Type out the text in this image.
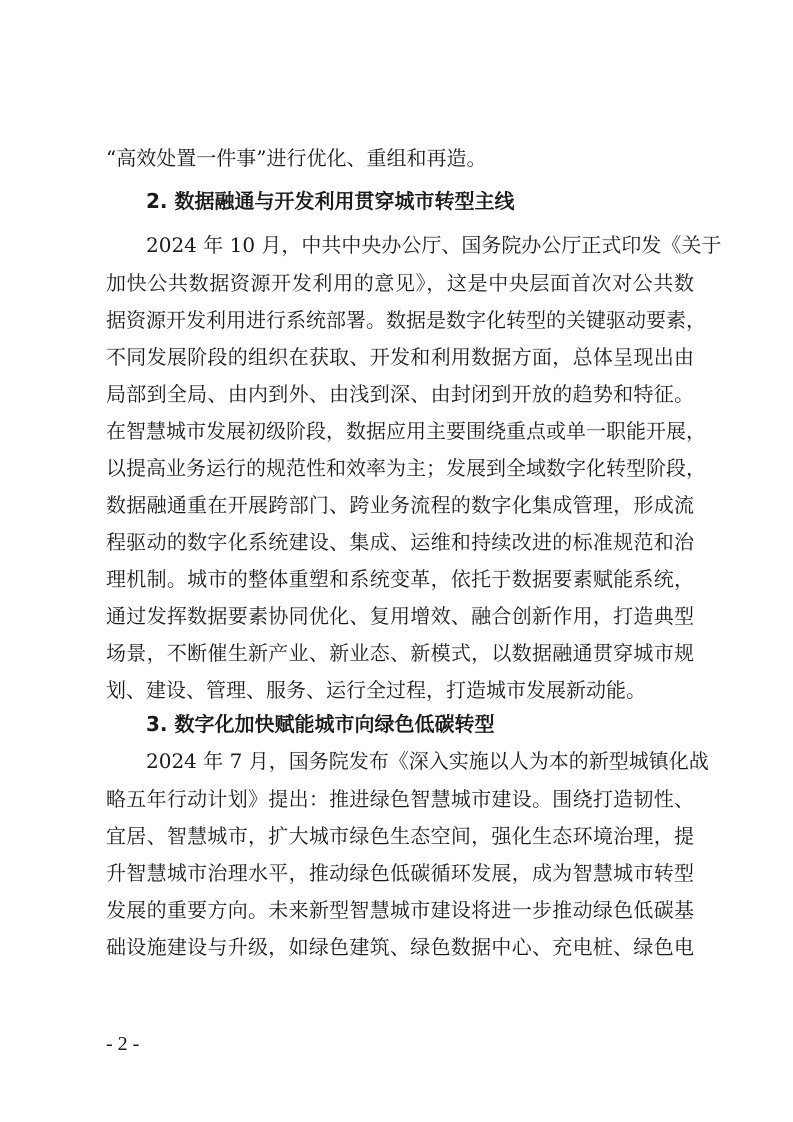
“高效处置一件事”进行优化、重组和再造。
2. 数据融通与开发利用贯穿城市转型主线
2024 年 10 月，中共中央办公厅、国务院办公厅正式印发《关于
加快公共数据资源开发利用的意见》，这是中央层面首次对公共数
据资源开发利用进行系统部署。数据是数字化转型的关键驱动要素，
不同发展阶段的组织在获取、开发和利用数据方面，总体呈现出由
局部到全局、由内到外、由浅到深、由封闭到开放的趋势和特征。
在智慧城市发展初级阶段，数据应用主要围绕重点或单一职能开展，
以提高业务运行的规范性和效率为主；发展到全域数字化转型阶段，
数据融通重在开展跨部门、跨业务流程的数字化集成管理，形成流
程驱动的数字化系统建设、集成、运维和持续改进的标准规范和治
理机制。城市的整体重塑和系统变革，依托于数据要素赋能系统，
通过发挥数据要素协同优化、复用增效、融合创新作用，打造典型
场景，不断催生新产业、新业态、新模式，以数据融通贯穿城市规
划、建设、管理、服务、运行全过程，打造城市发展新动能。
3. 数字化加快赋能城市向绿色低碳转型
2024 年 7 月，国务院发布《深入实施以人为本的新型城镇化战
略五年行动计划》提出：推进绿色智慧城市建设。围绕打造韧性、
宜居、智慧城市，扩大城市绿色生态空间，强化生态环境治理，提
升智慧城市治理水平，推动绿色低碳循环发展，成为智慧城市转型
发展的重要方向。未来新型智慧城市建设将进一步推动绿色低碳基
础设施建设与升级，如绿色建筑、绿色数据中心、充电桩、绿色电
- 2 -
